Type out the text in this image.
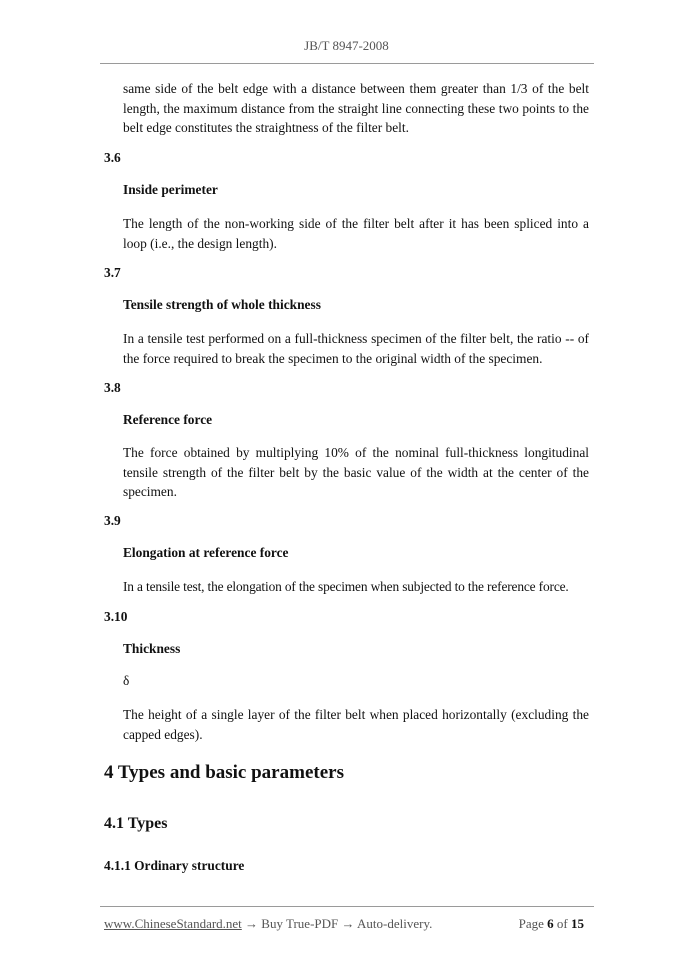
JB/T 8947-2008
same side of the belt edge with a distance between them greater than 1/3 of the belt length, the maximum distance from the straight line connecting these two points to the belt edge constitutes the straightness of the filter belt.
3.6
Inside perimeter
The length of the non-working side of the filter belt after it has been spliced into a loop (i.e., the design length).
3.7
Tensile strength of whole thickness
In a tensile test performed on a full-thickness specimen of the filter belt, the ratio -- of the force required to break the specimen to the original width of the specimen.
3.8
Reference force
The force obtained by multiplying 10% of the nominal full-thickness longitudinal tensile strength of the filter belt by the basic value of the width at the center of the specimen.
3.9
Elongation at reference force
In a tensile test, the elongation of the specimen when subjected to the reference force.
3.10
Thickness
δ
The height of a single layer of the filter belt when placed horizontally (excluding the capped edges).
4 Types and basic parameters
4.1 Types
4.1.1 Ordinary structure
www.ChineseStandard.net → Buy True-PDF → Auto-delivery.	Page 6 of 15
